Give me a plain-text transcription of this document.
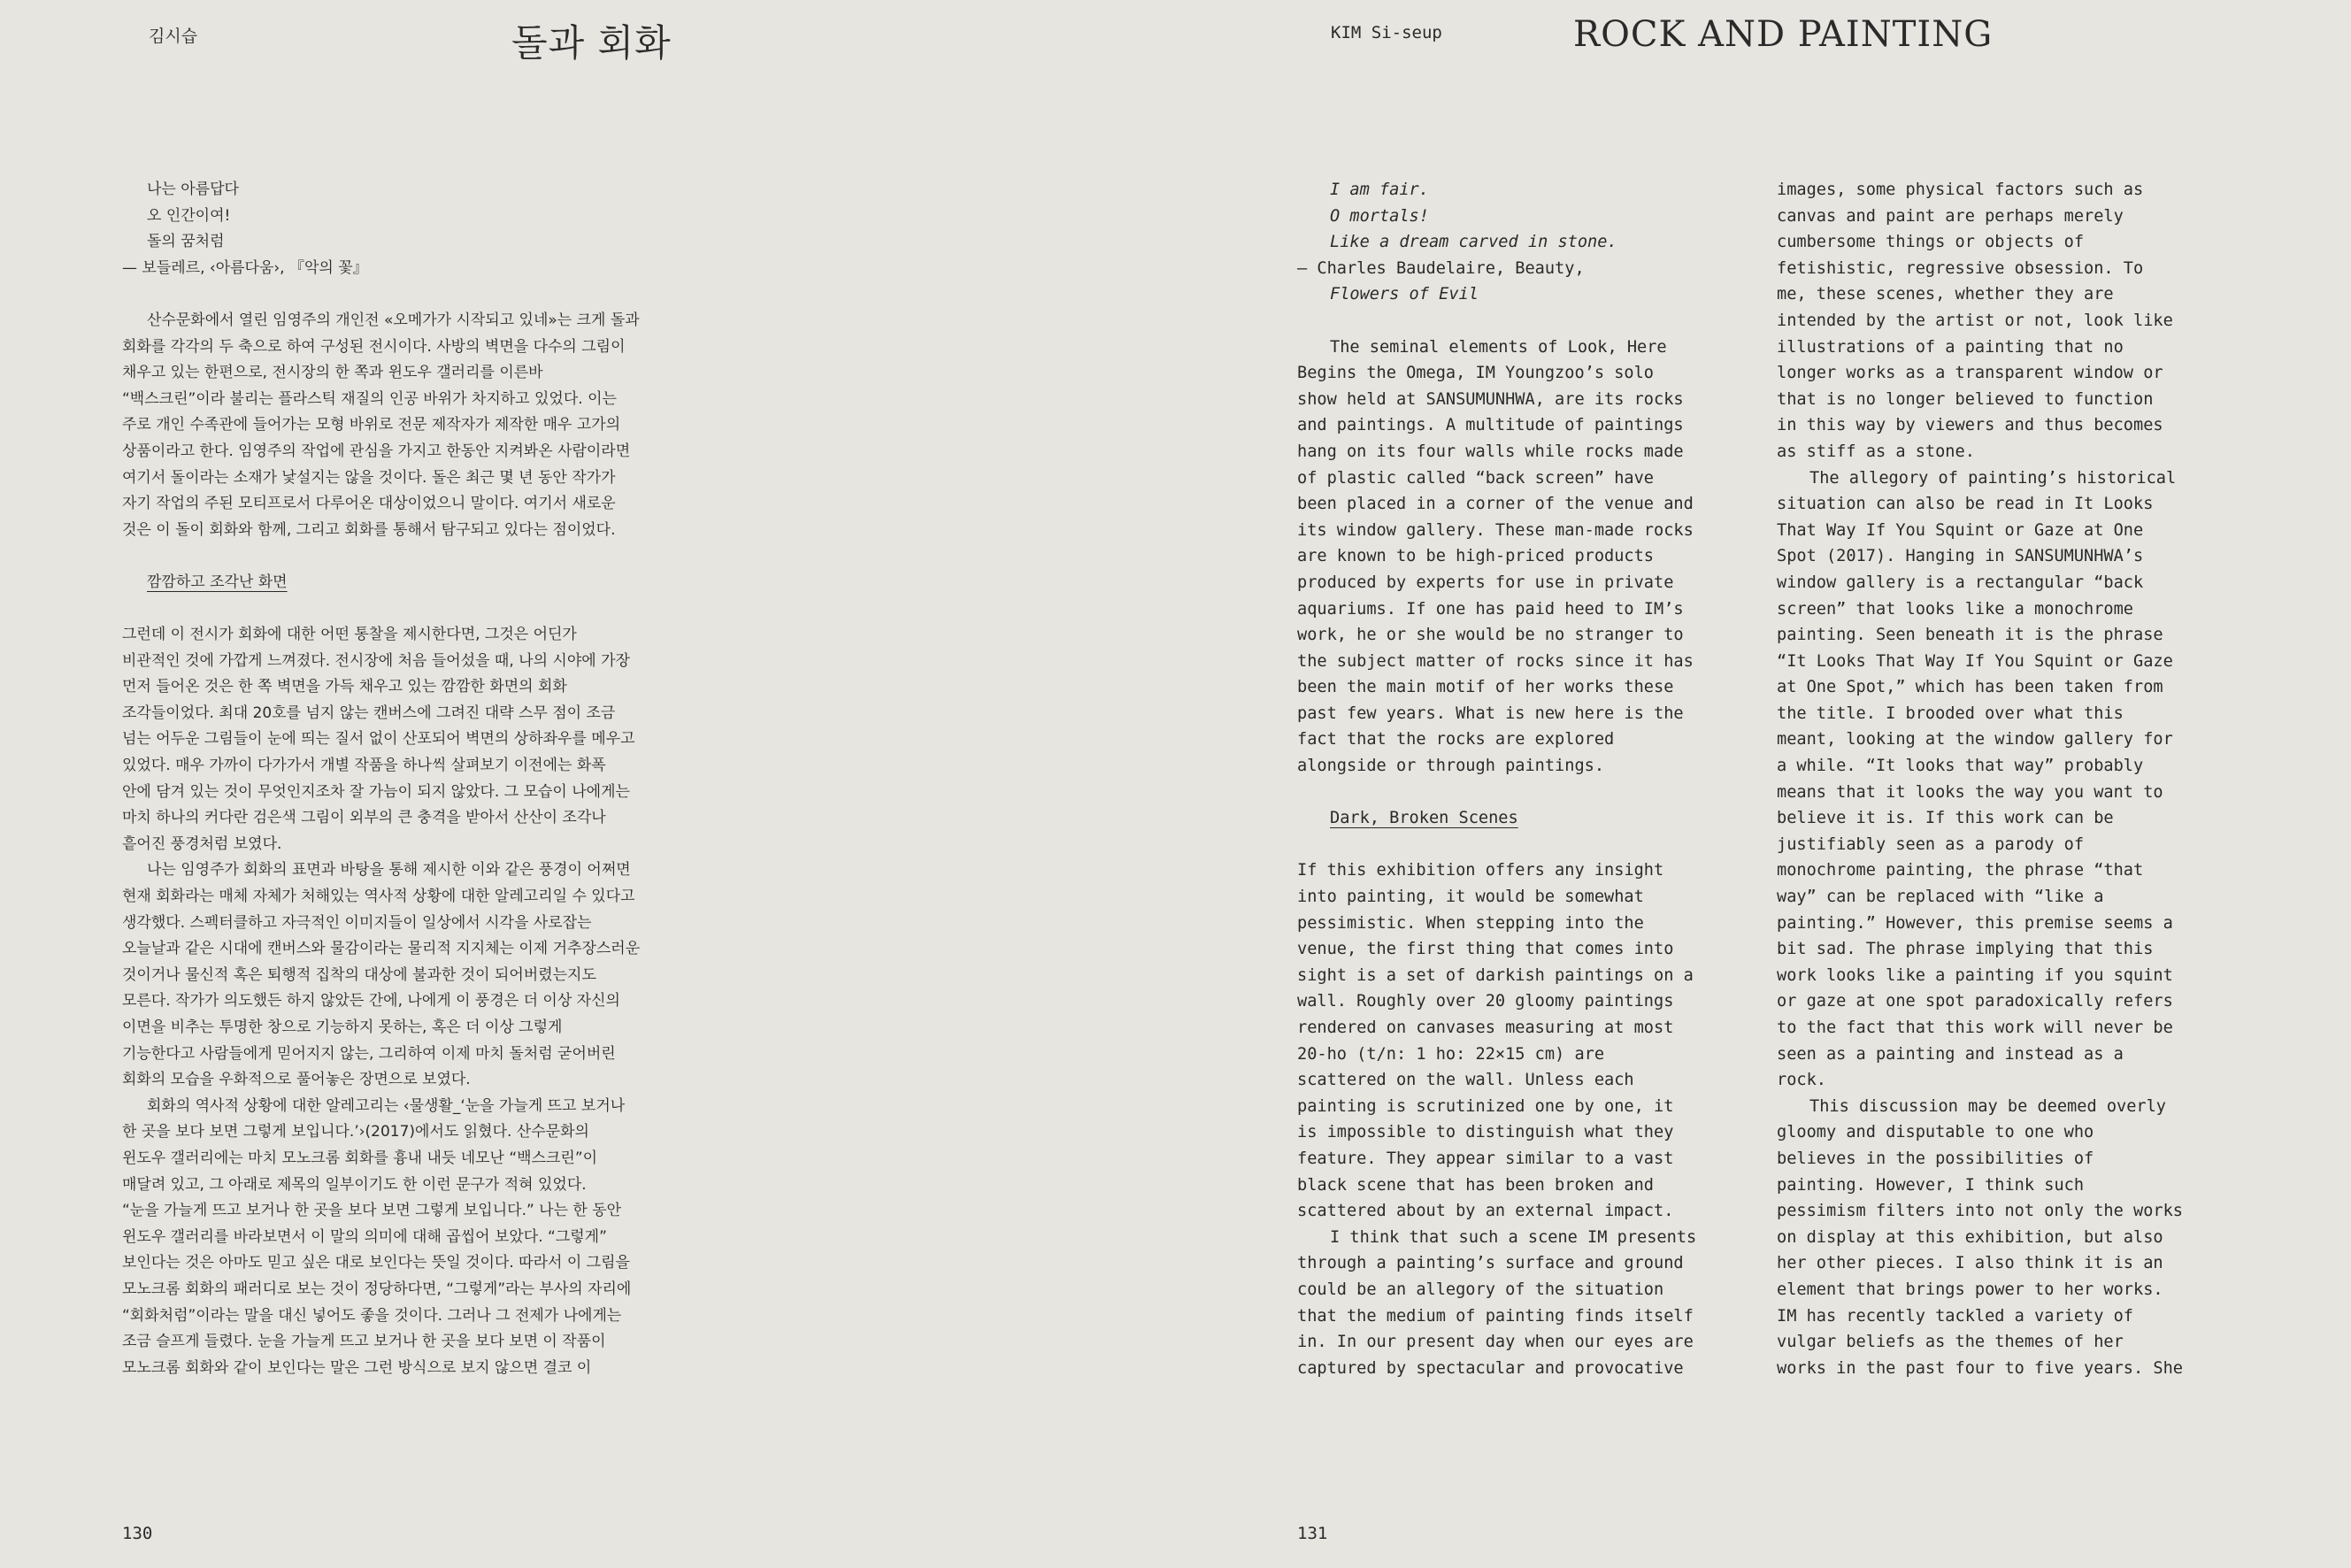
김시습	돌과 회화
나는 아름답다
오 인간이여!
돌의 꿈처럼
— 보들레르, ‹아름다움›, 『악의 꽃』
산수문화에서 열린 임영주의 개인전 «오메가가 시작되고 있네»는 크게 돌과
회화를 각각의 두 축으로 하여 구성된 전시이다. 사방의 벽면을 다수의 그림이
채우고 있는 한편으로, 전시장의 한 쪽과 윈도우 갤러리를 이른바
“백스크린”이라 불리는 플라스틱 재질의 인공 바위가 차지하고 있었다. 이는
주로 개인 수족관에 들어가는 모형 바위로 전문 제작자가 제작한 매우 고가의
상품이라고 한다. 임영주의 작업에 관심을 가지고 한동안 지켜봐온 사람이라면
여기서 돌이라는 소재가 낯설지는 않을 것이다. 돌은 최근 몇 년 동안 작가가
자기 작업의 주된 모티프로서 다루어온 대상이었으니 말이다. 여기서 새로운
것은 이 돌이 회화와 함께, 그리고 회화를 통해서 탐구되고 있다는 점이었다.
깜깜하고 조각난 화면
그런데 이 전시가 회화에 대한 어떤 통찰을 제시한다면, 그것은 어딘가
비관적인 것에 가깝게 느껴졌다. 전시장에 처음 들어섰을 때, 나의 시야에 가장
먼저 들어온 것은 한 쪽 벽면을 가득 채우고 있는 깜깜한 화면의 회화
조각들이었다. 최대 20호를 넘지 않는 캔버스에 그려진 대략 스무 점이 조금
넘는 어두운 그림들이 눈에 띄는 질서 없이 산포되어 벽면의 상하좌우를 메우고
있었다. 매우 가까이 다가가서 개별 작품을 하나씩 살펴보기 이전에는 화폭
안에 담겨 있는 것이 무엇인지조차 잘 가늠이 되지 않았다. 그 모습이 나에게는
마치 하나의 커다란 검은색 그림이 외부의 큰 충격을 받아서 산산이 조각나
흩어진 풍경처럼 보였다.
나는 임영주가 회화의 표면과 바탕을 통해 제시한 이와 같은 풍경이 어쩌면
현재 회화라는 매체 자체가 처해있는 역사적 상황에 대한 알레고리일 수 있다고
생각했다. 스펙터클하고 자극적인 이미지들이 일상에서 시각을 사로잡는
오늘날과 같은 시대에 캔버스와 물감이라는 물리적 지지체는 이제 거추장스러운
것이거나 물신적 혹은 퇴행적 집착의 대상에 불과한 것이 되어버렸는지도
모른다. 작가가 의도했든 하지 않았든 간에, 나에게 이 풍경은 더 이상 자신의
이면을 비추는 투명한 창으로 기능하지 못하는, 혹은 더 이상 그렇게
기능한다고 사람들에게 믿어지지 않는, 그리하여 이제 마치 돌처럼 굳어버린
회화의 모습을 우화적으로 풀어놓은 장면으로 보였다.
회화의 역사적 상황에 대한 알레고리는 ‹물생활_‘눈을 가늘게 뜨고 보거나
한 곳을 보다 보면 그렇게 보입니다.’›(2017)에서도 읽혔다. 산수문화의
윈도우 갤러리에는 마치 모노크롬 회화를 흉내 내듯 네모난 “백스크린”이
매달려 있고, 그 아래로 제목의 일부이기도 한 이런 문구가 적혀 있었다.
“눈을 가늘게 뜨고 보거나 한 곳을 보다 보면 그렇게 보입니다.” 나는 한 동안
윈도우 갤러리를 바라보면서 이 말의 의미에 대해 곱씹어 보았다. “그렇게”
보인다는 것은 아마도 믿고 싶은 대로 보인다는 뜻일 것이다. 따라서 이 그림을
모노크롬 회화의 패러디로 보는 것이 정당하다면, “그렇게”라는 부사의 자리에
“회화처럼”이라는 말을 대신 넣어도 좋을 것이다. 그러나 그 전제가 나에게는
조금 슬프게 들렸다. 눈을 가늘게 뜨고 보거나 한 곳을 보다 보면 이 작품이
모노크롬 회화와 같이 보인다는 말은 그런 방식으로 보지 않으면 결코 이
130
KIM Si-seup	ROCK AND PAINTING
I am fair.
O mortals!
Like a dream carved in stone.
— Charles Baudelaire, Beauty,
Flowers of Evil
The seminal elements of Look, Here
Begins the Omega, IM Youngzoo’s solo
show held at SANSUMUNHWA, are its rocks
and paintings. A multitude of paintings
hang on its four walls while rocks made
of plastic called “back screen” have
been placed in a corner of the venue and
its window gallery. These man-made rocks
are known to be high-priced products
produced by experts for use in private
aquariums. If one has paid heed to IM’s
work, he or she would be no stranger to
the subject matter of rocks since it has
been the main motif of her works these
past few years. What is new here is the
fact that the rocks are explored
alongside or through paintings.
Dark, Broken Scenes
If this exhibition offers any insight
into painting, it would be somewhat
pessimistic. When stepping into the
venue, the first thing that comes into
sight is a set of darkish paintings on a
wall. Roughly over 20 gloomy paintings
rendered on canvases measuring at most
20-ho (t/n: 1 ho: 22×15 cm) are
scattered on the wall. Unless each
painting is scrutinized one by one, it
is impossible to distinguish what they
feature. They appear similar to a vast
black scene that has been broken and
scattered about by an external impact.
I think that such a scene IM presents
through a painting’s surface and ground
could be an allegory of the situation
that the medium of painting finds itself
in. In our present day when our eyes are
captured by spectacular and provocative
images, some physical factors such as
canvas and paint are perhaps merely
cumbersome things or objects of
fetishistic, regressive obsession. To
me, these scenes, whether they are
intended by the artist or not, look like
illustrations of a painting that no
longer works as a transparent window or
that is no longer believed to function
in this way by viewers and thus becomes
as stiff as a stone.
The allegory of painting’s historical
situation can also be read in It Looks
That Way If You Squint or Gaze at One
Spot (2017). Hanging in SANSUMUNHWA’s
window gallery is a rectangular “back
screen” that looks like a monochrome
painting. Seen beneath it is the phrase
“It Looks That Way If You Squint or Gaze
at One Spot,” which has been taken from
the title. I brooded over what this
meant, looking at the window gallery for
a while. “It looks that way” probably
means that it looks the way you want to
believe it is. If this work can be
justifiably seen as a parody of
monochrome painting, the phrase “that
way” can be replaced with “like a
painting.” However, this premise seems a
bit sad. The phrase implying that this
work looks like a painting if you squint
or gaze at one spot paradoxically refers
to the fact that this work will never be
seen as a painting and instead as a
rock.
This discussion may be deemed overly
gloomy and disputable to one who
believes in the possibilities of
painting. However, I think such
pessimism filters into not only the works
on display at this exhibition, but also
her other pieces. I also think it is an
element that brings power to her works.
IM has recently tackled a variety of
vulgar beliefs as the themes of her
works in the past four to five years. She
131
